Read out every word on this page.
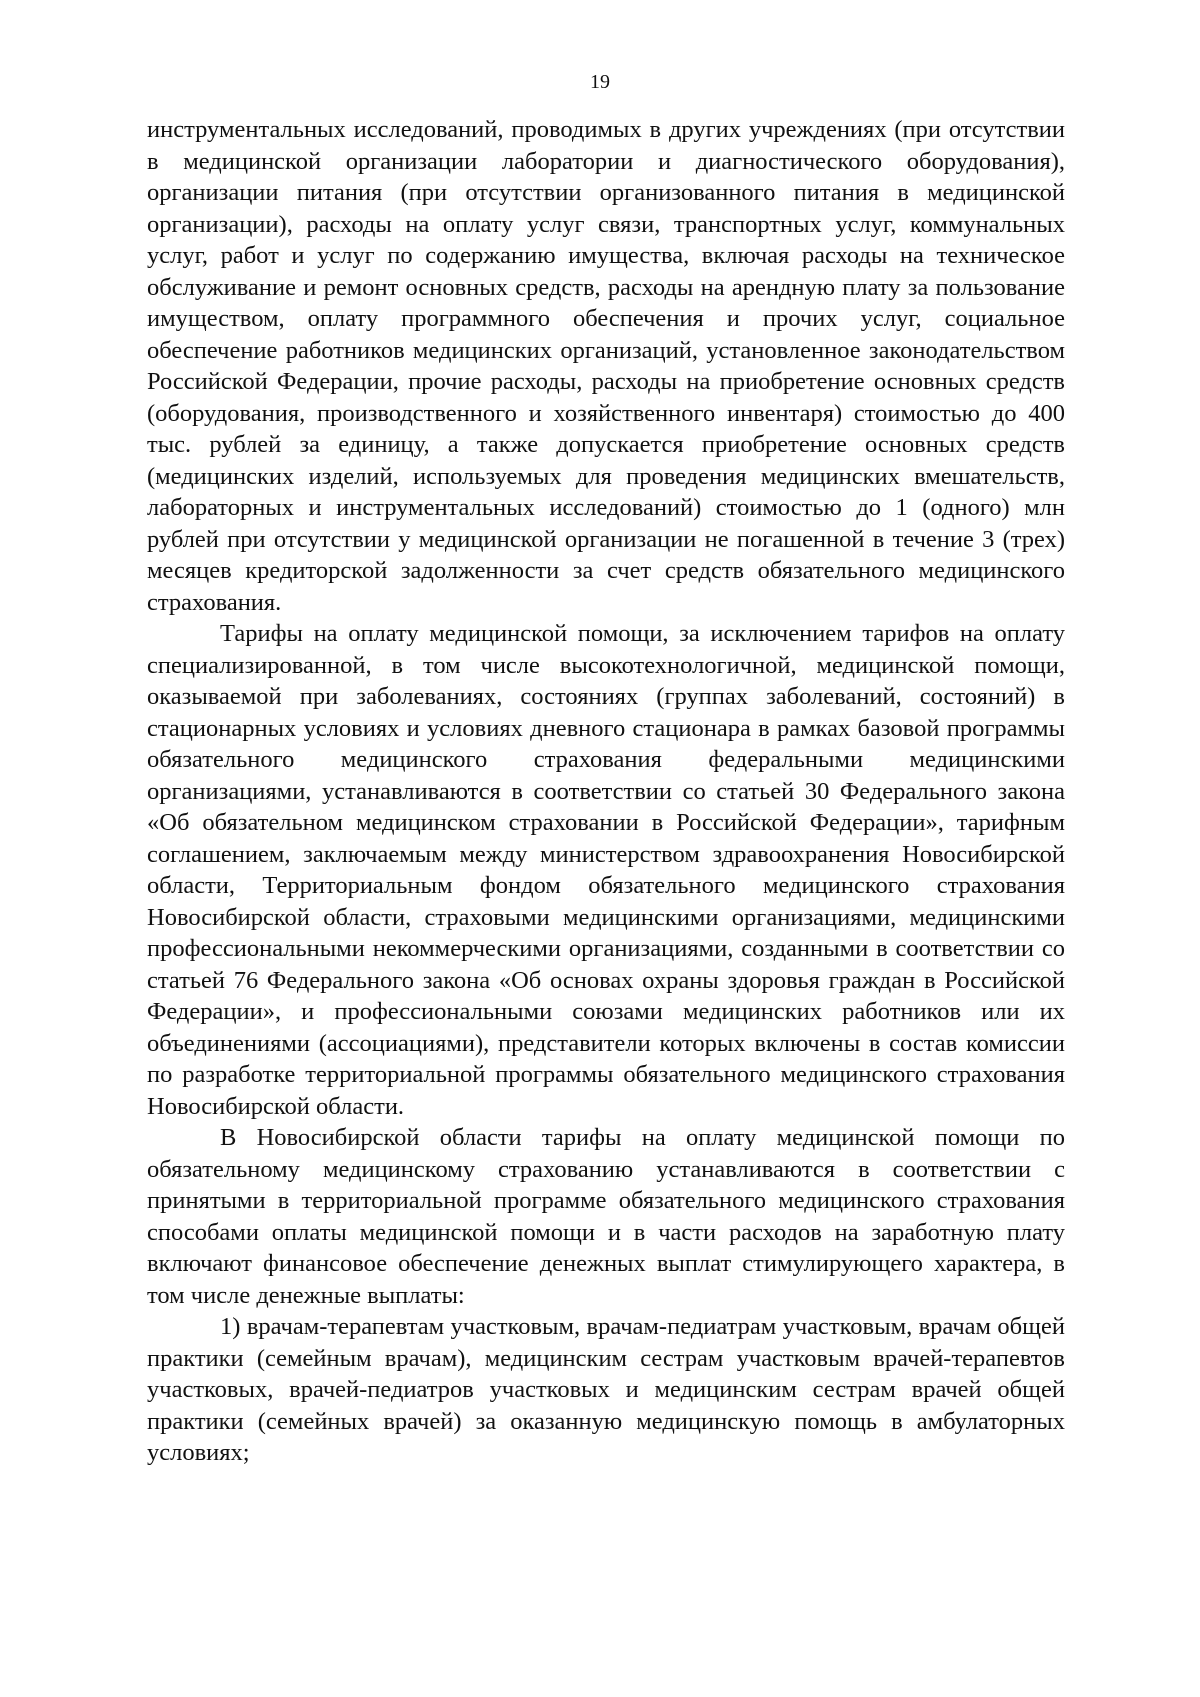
19

инструментальных исследований, проводимых в других учреждениях (при отсутствии в медицинской организации лаборатории и диагностического оборудования), организации питания (при отсутствии организованного питания в медицинской организации), расходы на оплату услуг связи, транспортных услуг, коммунальных услуг, работ и услуг по содержанию имущества, включая расходы на техническое обслуживание и ремонт основных средств, расходы на арендную плату за пользование имуществом, оплату программного обеспечения и прочих услуг, социальное обеспечение работников медицинских организаций, установленное законодательством Российской Федерации, прочие расходы, расходы на приобретение основных средств (оборудования, производственного и хозяйственного инвентаря) стоимостью до 400 тыс. рублей за единицу, а также допускается приобретение основных средств (медицинских изделий, используемых для проведения медицинских вмешательств, лабораторных и инструментальных исследований) стоимостью до 1 (одного) млн рублей при отсутствии у медицинской организации не погашенной в течение 3 (трех) месяцев кредиторской задолженности за счет средств обязательного медицинского страхования.

Тарифы на оплату медицинской помощи, за исключением тарифов на оплату специализированной, в том числе высокотехнологичной, медицинской помощи, оказываемой при заболеваниях, состояниях (группах заболеваний, состояний) в стационарных условиях и условиях дневного стационара в рамках базовой программы обязательного медицинского страхования федеральными медицинскими организациями, устанавливаются в соответствии со статьей 30 Федерального закона «Об обязательном медицинском страховании в Российской Федерации», тарифным соглашением, заключаемым между министерством здравоохранения Новосибирской области, Территориальным фондом обязательного медицинского страхования Новосибирской области, страховыми медицинскими организациями, медицинскими профессиональными некоммерческими организациями, созданными в соответствии со статьей 76 Федерального закона «Об основах охраны здоровья граждан в Российской Федерации», и профессиональными союзами медицинских работников или их объединениями (ассоциациями), представители которых включены в состав комиссии по разработке территориальной программы обязательного медицинского страхования Новосибирской области.

В Новосибирской области тарифы на оплату медицинской помощи по обязательному медицинскому страхованию устанавливаются в соответствии с принятыми в территориальной программе обязательного медицинского страхования способами оплаты медицинской помощи и в части расходов на заработную плату включают финансовое обеспечение денежных выплат стимулирующего характера, в том числе денежные выплаты:

1) врачам-терапевтам участковым, врачам-педиатрам участковым, врачам общей практики (семейным врачам), медицинским сестрам участковым врачей-терапевтов участковых, врачей-педиатров участковых и медицинским сестрам врачей общей практики (семейных врачей) за оказанную медицинскую помощь в амбулаторных условиях;
